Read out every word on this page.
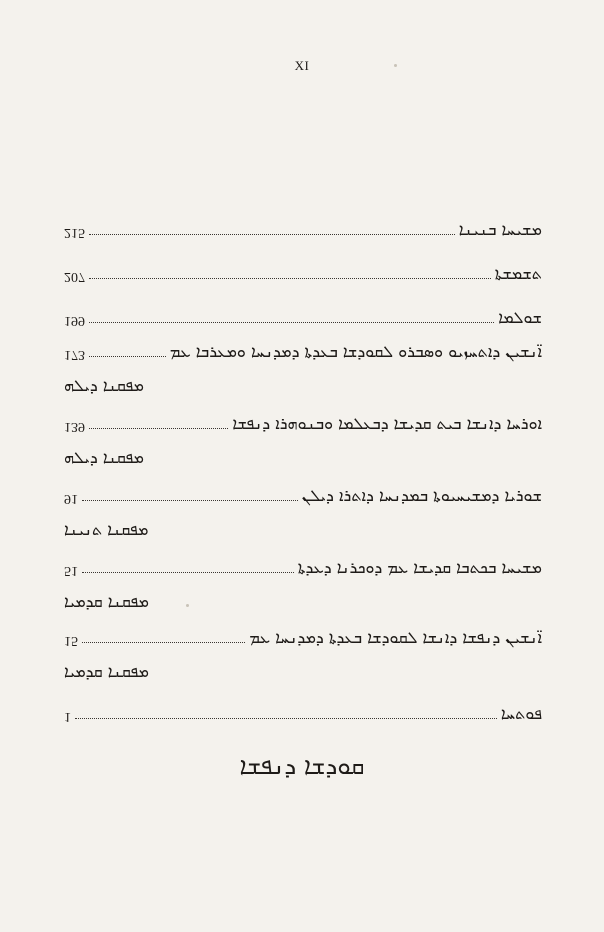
XI
ܡܫܝܚܐ ܒܢܝܢܐ
215
ܬܫܡܫܬܐ
207
ܫܘܠܡܐ
199
ܐ̈ܢܫܝܢ ܕܐܬܚܙܝܘ ܘܣܒܪܘ ܠܩܘܕܫܐ ܒܥܕܬܐ ܕܡܕܢܚܐ ܘܡܥܪܒܐ ܥܡ
173
ܡܦܩܢܐ ܕܝܠܗ
ܐܘܪܚܐ ܕܐܢܫܐ ܒܝܬ ܩܕܝܫܐ ܕܒܥܠܡܐ ܘܒܢܘܗܪܐ ܕܢܦܫܐ
139
ܡܦܩܢܐ ܕܝܠܗ
ܫܘܪܝܐ ܕܡܫܝܚܝܘܬܐ ܒܡܕܢܚܐ ܕܐܬܪܐ ܕܝܠܢ
91
ܡܦܩܢܐ ܬܢܝܢܐ
ܡܫܝܚܐ ܒܟܬܒܐ ܩܕܝܫܐ ܥܡ ܕܘܟܪܢܐ ܕܥܕܬܐ
51
ܡܦܩܢܐ ܩܕܡܝܐ
ܐ̈ܢܫܝܢ ܕܢܦܫܐ ܕܐܢܫܐ ܠܩܘܕܫܐ ܒܥܕܬܐ ܕܡܕܢܚܐ ܥܡ
15
ܡܦܩܢܐ ܩܕܡܝܐ
ܦܘܬܚܐ
1
ܩܘܕܫܐ ܕܢܦܫܐ
